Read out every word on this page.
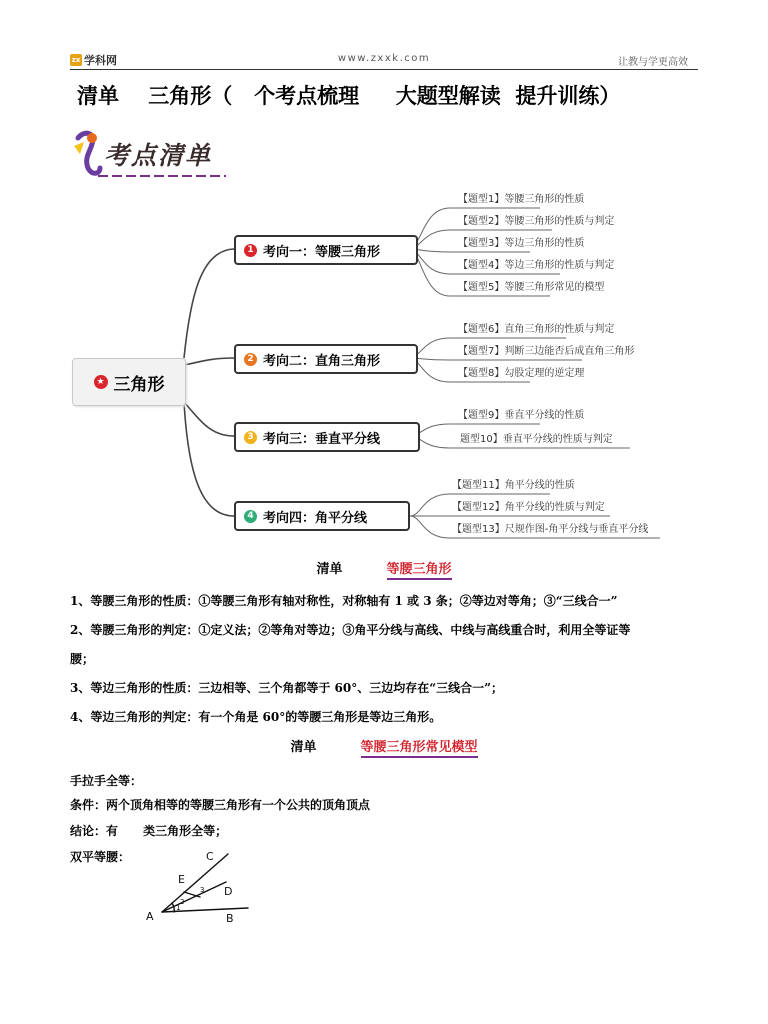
zx 学科网	www.zxxk.com	让教与学更高效
清单    三角形（   个考点梳理     大题型解读  提升训练）
考点清单
★ 三角形
1 考向一：等腰三角形
2 考向二：直角三角形
3 考向三：垂直平分线
4 考向四：角平分线
【题型1】等腰三角形的性质
【题型2】等腰三角形的性质与判定
【题型3】等边三角形的性质
【题型4】等边三角形的性质与判定
【题型5】等腰三角形常见的模型
【题型6】直角三角形的性质与判定
【题型7】判断三边能否后成直角三角形
【题型8】勾股定理的逆定理
【题型9】垂直平分线的性质
题型10】垂直平分线的性质与判定
【题型11】角平分线的性质
【题型12】角平分线的性质与判定
【题型13】尺规作图-角平分线与垂直平分线
清单	等腰三角形
1、等腰三角形的性质：①等腰三角形有轴对称性，对称轴有 1 或 3 条；②等边对等角；③“三线合一”
2、等腰三角形的判定：①定义法；②等角对等边；③角平分线与高线、中线与高线重合时，利用全等证等
腰；
3、等边三角形的性质：三边相等、三个角都等于 60°、三边均存在“三线合一”；
4、等边三角形的判定：有一个角是 60°的等腰三角形是等边三角形。
清单	等腰三角形常见模型
手拉手全等：
条件：两个顶角相等的等腰三角形有一个公共的顶角顶点
结论：有      类三角形全等；
双平等腰：
A	B
C
D
E
1
2
3
